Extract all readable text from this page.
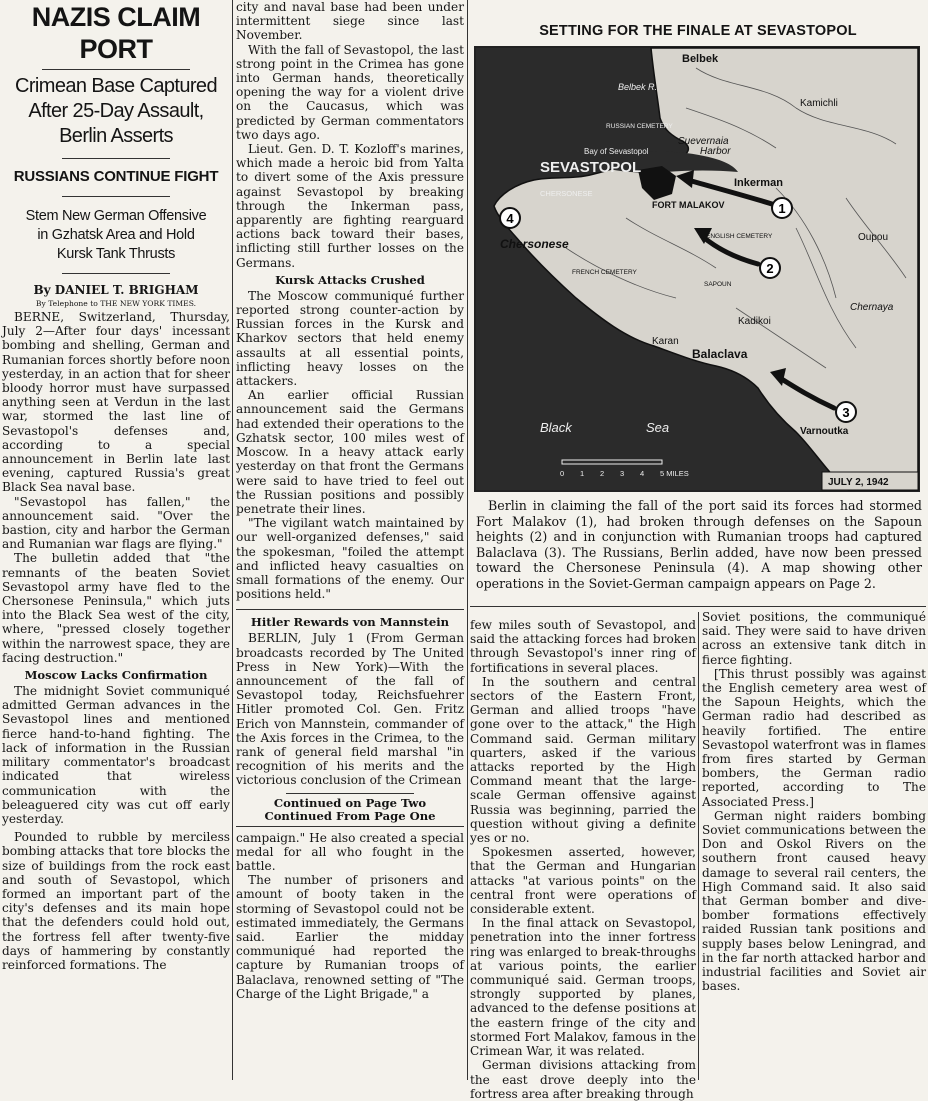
NAZIS CLAIM PORT
Crimean Base Captured
After 25-Day Assault,
Berlin Asserts
RUSSIANS CONTINUE FIGHT
Stem New German Offensive
in Gzhatsk Area and Hold
Kursk Tank Thrusts
By DANIEL T. BRIGHAM
By Telephone to THE NEW YORK TIMES.

BERNE, Switzerland, Thursday, July 2—After four days' incessant bombing and shelling, German and Rumanian forces shortly before noon yesterday, in an action that for sheer bloody horror must have surpassed anything seen at Verdun in the last war, stormed the last line of Sevastopol's defenses and, according to a special announcement in Berlin late last evening, captured Russia's great Black Sea naval base.

"Sevastopol has fallen," the announcement said. "Over the bastion, city and harbor the German and Rumanian war flags are flying."

The bulletin added that "the remnants of the beaten Soviet Sevastopol army have fled to the Chersonese Peninsula," which juts into the Black Sea west of the city, where, "pressed closely together within the narrowest space, they are facing destruction."

Moscow Lacks Confirmation

The midnight Soviet communiqué admitted German advances in the Sevastopol lines and mentioned fierce hand-to-hand fighting. The lack of information in the Russian military commentator's broadcast indicated that wireless communication with the beleaguered city was cut off early yesterday.

Pounded to rubble by merciless bombing attacks that tore blocks the size of buildings from the rock east and south of Sevastopol, which formed an important part of the city's defenses and its main hope that the defenders could hold out, the fortress fell after twenty-five days of hammering by constantly reinforced formations. The

city and naval base had been under intermittent siege since last November.

With the fall of Sevastopol, the last strong point in the Crimea has gone into German hands, theoretically opening the way for a violent drive on the Caucasus, which was predicted by German commentators two days ago.

Lieut. Gen. D. T. Kozloff's marines, which made a heroic bid from Yalta to divert some of the Axis pressure against Sevastopol by breaking through the Inkerman pass, apparently are fighting rearguard actions back toward their bases, inflicting still further losses on the Germans.

Kursk Attacks Crushed

The Moscow communiqué further reported strong counter-action by Russian forces in the Kursk and Kharkov sectors that held enemy assaults at all essential points, inflicting heavy losses on the attackers.

An earlier official Russian announcement said the Germans had extended their operations to the Gzhatsk sector, 100 miles west of Moscow. In a heavy attack early yesterday on that front the Germans were said to have tried to feel out the Russian positions and possibly penetrate their lines.

"The vigilant watch maintained by our well-organized defenses," said the spokesman, "foiled the attempt and inflicted heavy casualties on small formations of the enemy. Our positions held."

Hitler Rewards von Mannstein

BERLIN, July 1 (From German broadcasts recorded by The United Press in New York)—With the announcement of the fall of Sevastopol today, Reichsfuehrer Hitler promoted Col. Gen. Fritz Erich von Mannstein, commander of the Axis forces in the Crimea, to the rank of general field marshal "in recognition of his merits and the victorious conclusion of the Crimean

Continued on Page Two
Continued From Page One

campaign." He also created a special medal for all who fought in the battle.

The number of prisoners and amount of booty taken in the storming of Sevastopol could not be estimated immediately, the Germans said. Earlier the midday communiqué had reported the capture by Rumanian troops of Balaclava, renowned setting of "The Charge of the Light Brigade," a

SETTING FOR THE FINALE AT SEVASTOPOL
1
2
3
4
Belbek
Belbek R.
Kamichli
RUSSIAN CEMETERY
Bay of Sevastopol
Suevernaia
Harbor
SEVASTOPOL
Inkerman
CHERSONESE
FORT MALAKOV
ENGLISH CEMETERY
Chersonese
FRENCH CEMETERY
SAPOUN
Oupou
Chernaya
Kadikoi
Karan
Balaclava
Varnoutka
Black	Sea
0 1 2 3 4 5 MILES
JULY 2, 1942

Berlin in claiming the fall of the port said its forces had stormed Fort Malakov (1), had broken through defenses on the Sapoun heights (2) and in conjunction with Rumanian troops had captured Balaclava (3). The Russians, Berlin added, have now been pressed toward the Chersonese Peninsula (4). A map showing other operations in the Soviet-German campaign appears on Page 2.

few miles south of Sevastopol, and said the attacking forces had broken through Sevastopol's inner ring of fortifications in several places.

In the southern and central sectors of the Eastern Front, German and allied troops "have gone over to the attack," the High Command said. German military quarters, asked if the various attacks reported by the High Command meant that the large-scale German offensive against Russia was beginning, parried the question without giving a definite yes or no.

Spokesmen asserted, however, that the German and Hungarian attacks "at various points" on the central front were operations of considerable extent.

In the final attack on Sevastopol, penetration into the inner fortress ring was enlarged to break-throughs at various points, the earlier communiqué said. German troops, strongly supported by planes, advanced to the defense positions at the eastern fringe of the city and stormed Fort Malakov, famous in the Crimean War, it was related.

German divisions attacking from the east drove deeply into the fortress area after breaking through

Soviet positions, the communiqué said. They were said to have driven across an extensive tank ditch in fierce fighting.

[This thrust possibly was against the English cemetery area west of the Sapoun Heights, which the German radio had described as heavily fortified. The entire Sevastopol waterfront was in flames from fires started by German bombers, the German radio reported, according to The Associated Press.]

German night raiders bombing Soviet communications between the Don and Oskol Rivers on the southern front caused heavy damage to several rail centers, the High Command said. It also said that German bomber and dive-bomber formations effectively raided Russian tank positions and supply bases below Leningrad, and in the far north attacked harbor and industrial facilities and Soviet air bases.
